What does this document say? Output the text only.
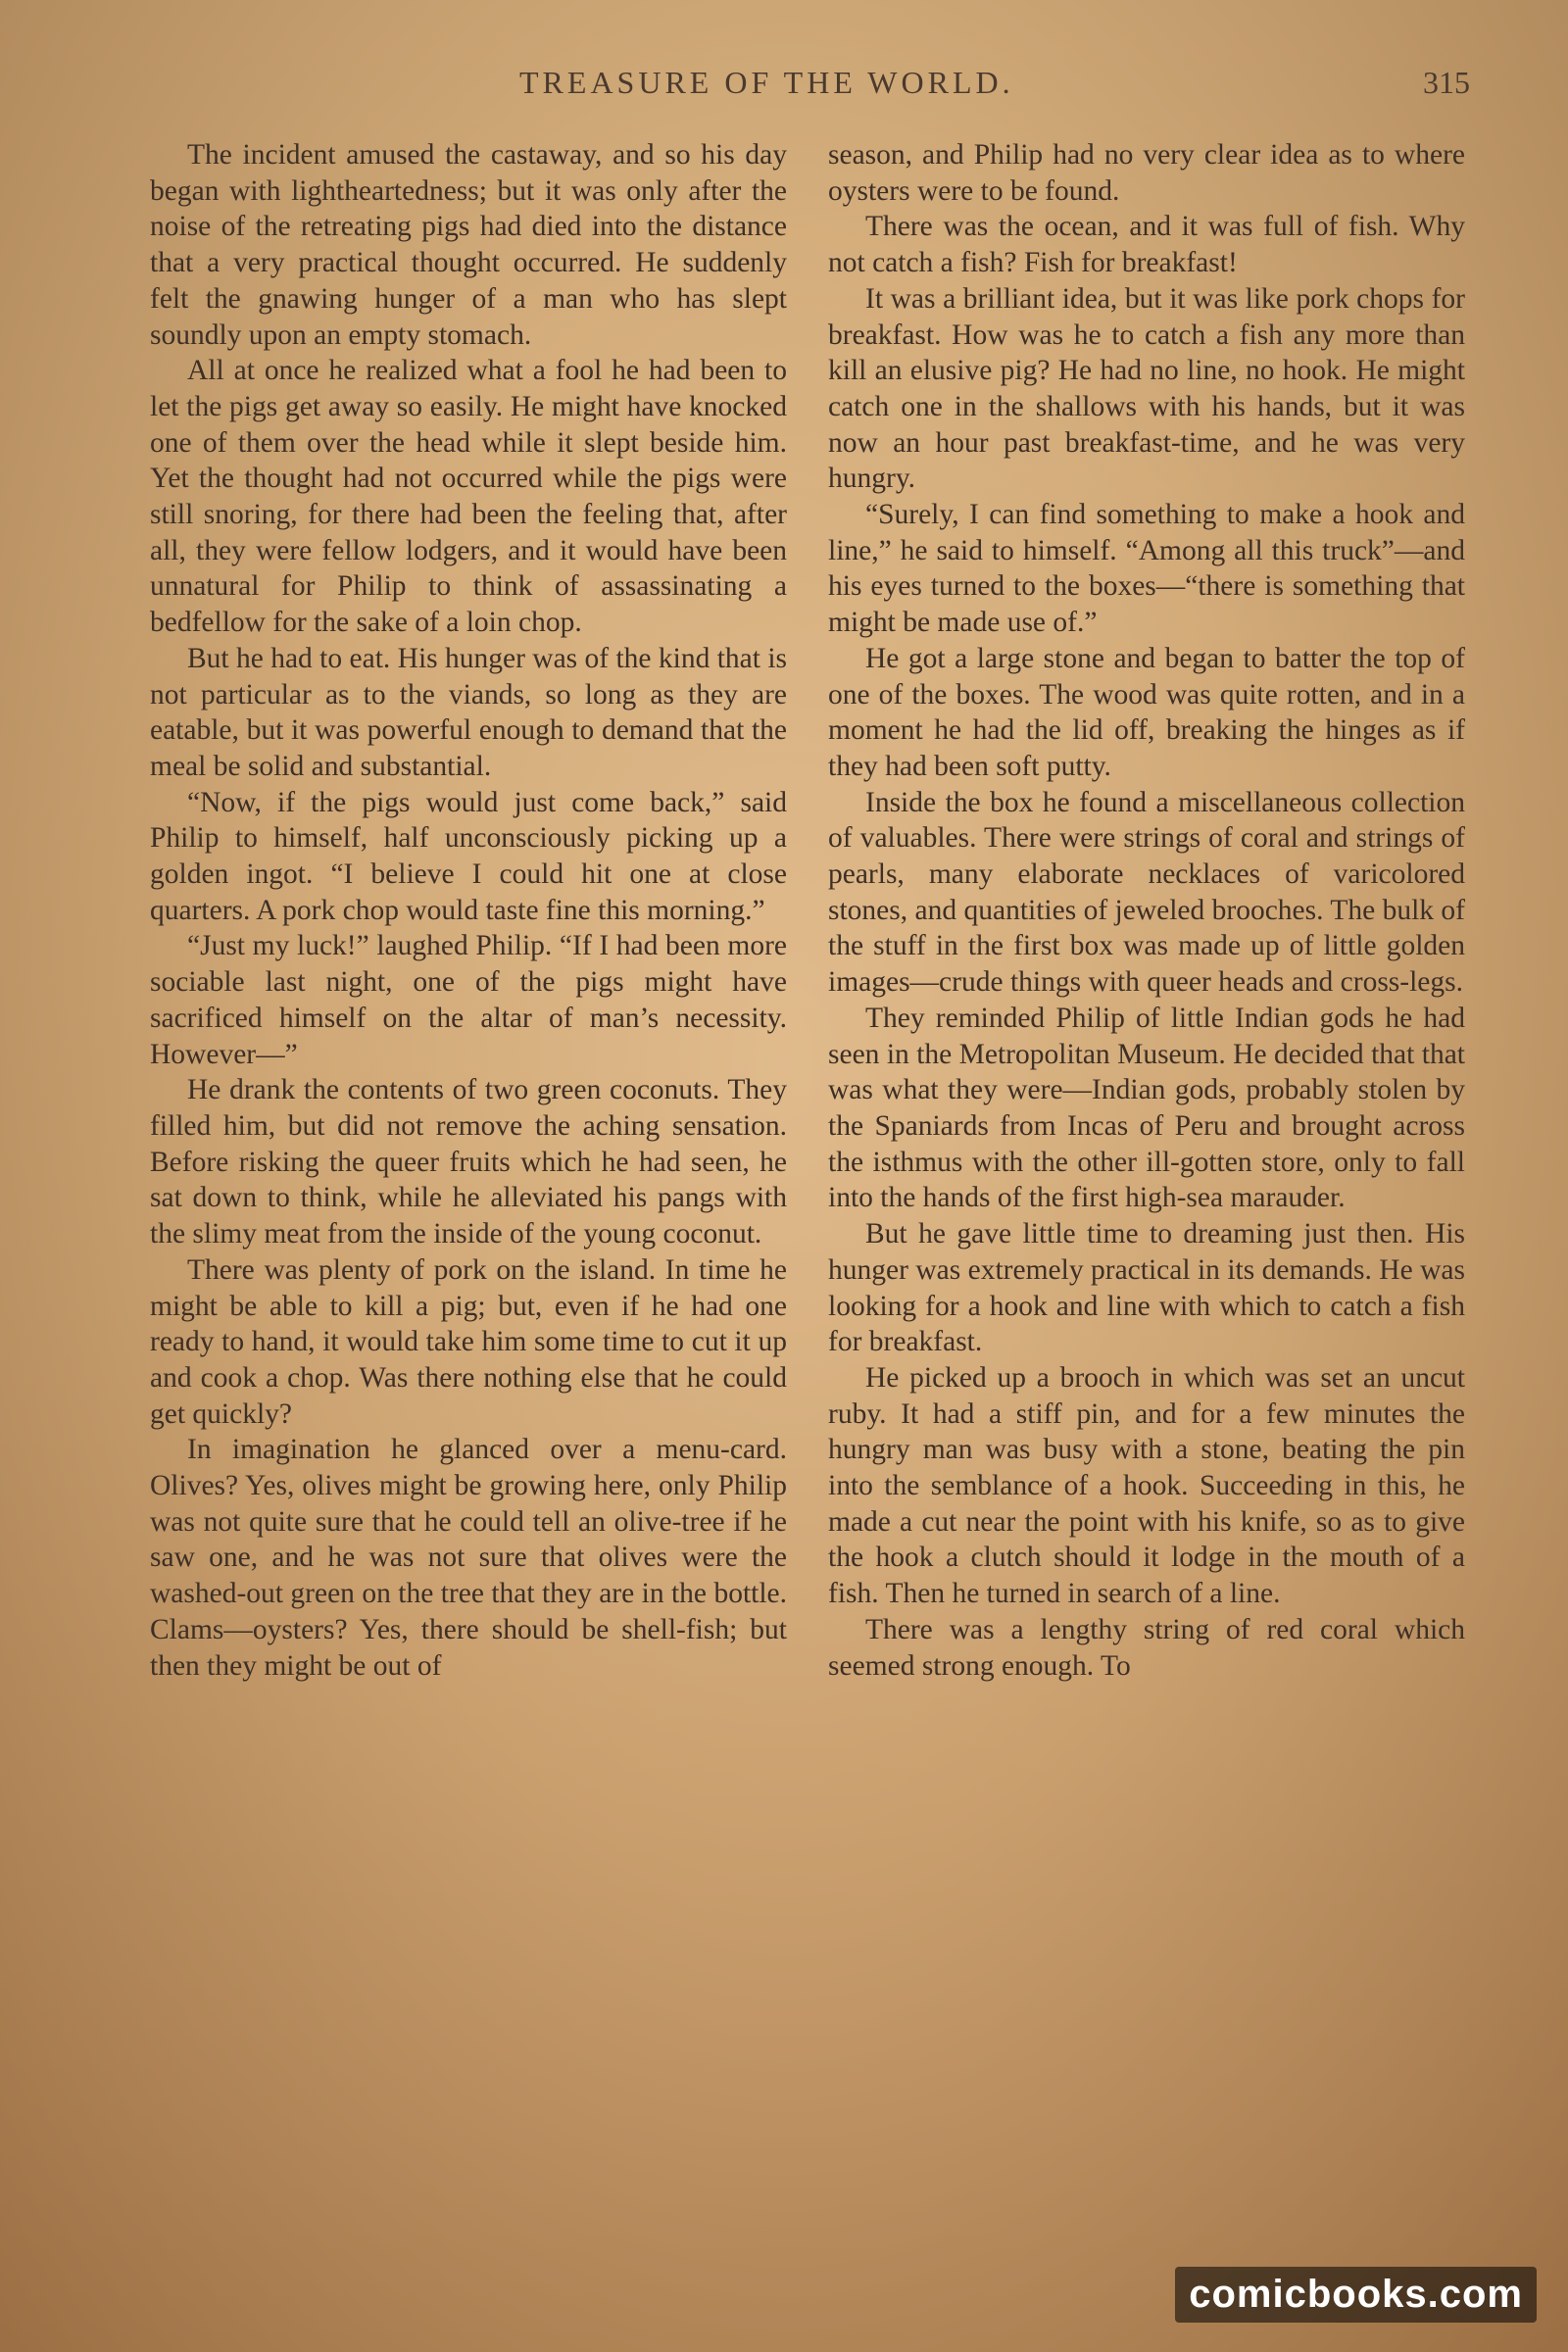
TREASURE OF THE WORLD.	315

The incident amused the castaway, and so his day began with lightheartedness; but it was only after the noise of the retreating pigs had died into the distance that a very practical thought occurred. He suddenly felt the gnawing hunger of a man who has slept soundly upon an empty stomach.

All at once he realized what a fool he had been to let the pigs get away so easily. He might have knocked one of them over the head while it slept beside him. Yet the thought had not occurred while the pigs were still snoring, for there had been the feeling that, after all, they were fellow lodgers, and it would have been unnatural for Philip to think of assassinating a bedfellow for the sake of a loin chop.

But he had to eat. His hunger was of the kind that is not particular as to the viands, so long as they are eatable, but it was powerful enough to demand that the meal be solid and substantial.

“Now, if the pigs would just come back,” said Philip to himself, half unconsciously picking up a golden ingot. “I believe I could hit one at close quarters. A pork chop would taste fine this morning.”

“Just my luck!” laughed Philip. “If I had been more sociable last night, one of the pigs might have sacrificed himself on the altar of man’s necessity. However—”

He drank the contents of two green coconuts. They filled him, but did not remove the aching sensation. Before risking the queer fruits which he had seen, he sat down to think, while he alleviated his pangs with the slimy meat from the inside of the young coconut.

There was plenty of pork on the island. In time he might be able to kill a pig; but, even if he had one ready to hand, it would take him some time to cut it up and cook a chop. Was there nothing else that he could get quickly?

In imagination he glanced over a menu-card. Olives? Yes, olives might be growing here, only Philip was not quite sure that he could tell an olive-tree if he saw one, and he was not sure that olives were the washed-out green on the tree that they are in the bottle. Clams—oysters? Yes, there should be shell-fish; but then they might be out of

season, and Philip had no very clear idea as to where oysters were to be found.

There was the ocean, and it was full of fish. Why not catch a fish? Fish for breakfast!

It was a brilliant idea, but it was like pork chops for breakfast. How was he to catch a fish any more than kill an elusive pig? He had no line, no hook. He might catch one in the shallows with his hands, but it was now an hour past breakfast-time, and he was very hungry.

“Surely, I can find something to make a hook and line,” he said to himself. “Among all this truck”—and his eyes turned to the boxes—“there is something that might be made use of.”

He got a large stone and began to batter the top of one of the boxes. The wood was quite rotten, and in a moment he had the lid off, breaking the hinges as if they had been soft putty.

Inside the box he found a miscellaneous collection of valuables. There were strings of coral and strings of pearls, many elaborate necklaces of varicolored stones, and quantities of jeweled brooches. The bulk of the stuff in the first box was made up of little golden images—crude things with queer heads and cross-legs.

They reminded Philip of little Indian gods he had seen in the Metropolitan Museum. He decided that that was what they were—Indian gods, probably stolen by the Spaniards from Incas of Peru and brought across the isthmus with the other ill-gotten store, only to fall into the hands of the first high-sea marauder.

But he gave little time to dreaming just then. His hunger was extremely practical in its demands. He was looking for a hook and line with which to catch a fish for breakfast.

He picked up a brooch in which was set an uncut ruby. It had a stiff pin, and for a few minutes the hungry man was busy with a stone, beating the pin into the semblance of a hook. Succeeding in this, he made a cut near the point with his knife, so as to give the hook a clutch should it lodge in the mouth of a fish. Then he turned in search of a line.

There was a lengthy string of red coral which seemed strong enough. To

comicbooks.com
